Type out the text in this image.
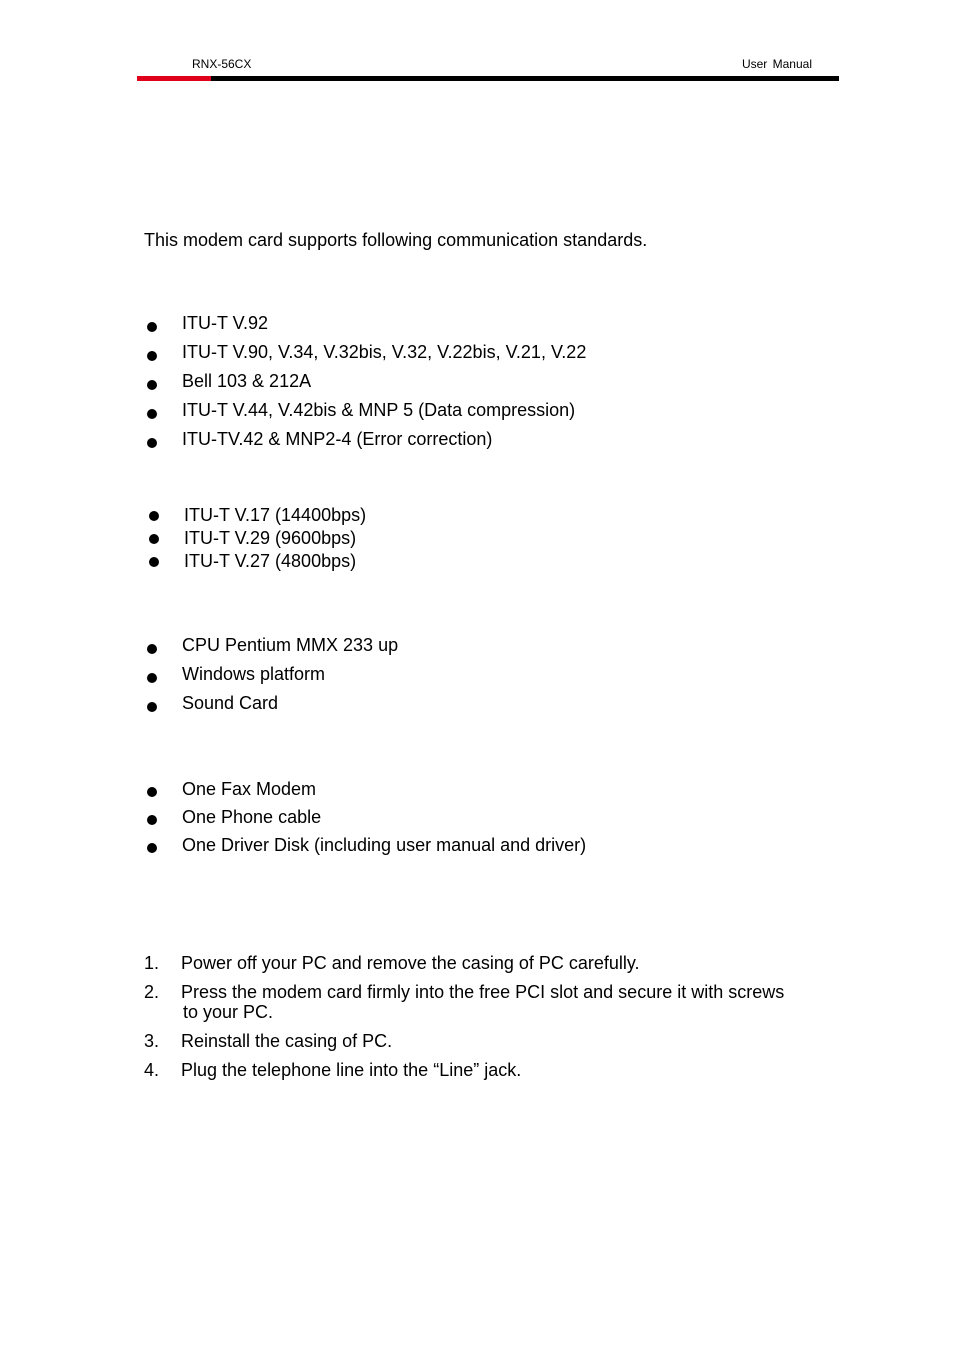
RNX-56CX	User Manual
This modem card supports following communication standards.
ITU-T V.92
ITU-T V.90, V.34, V.32bis, V.32, V.22bis, V.21, V.22
Bell 103 & 212A
ITU-T V.44, V.42bis & MNP 5 (Data compression)
ITU-TV.42 & MNP2-4 (Error correction)
ITU-T V.17 (14400bps)
ITU-T V.29 (9600bps)
ITU-T V.27 (4800bps)
CPU Pentium MMX 233 up
Windows platform
Sound Card
One Fax Modem
One Phone cable
One Driver Disk (including user manual and driver)
1. Power off your PC and remove the casing of PC carefully.
2. Press the modem card firmly into the free PCI slot and secure it with screws
to your PC.
3. Reinstall the casing of PC.
4. Plug the telephone line into the “Line” jack.
